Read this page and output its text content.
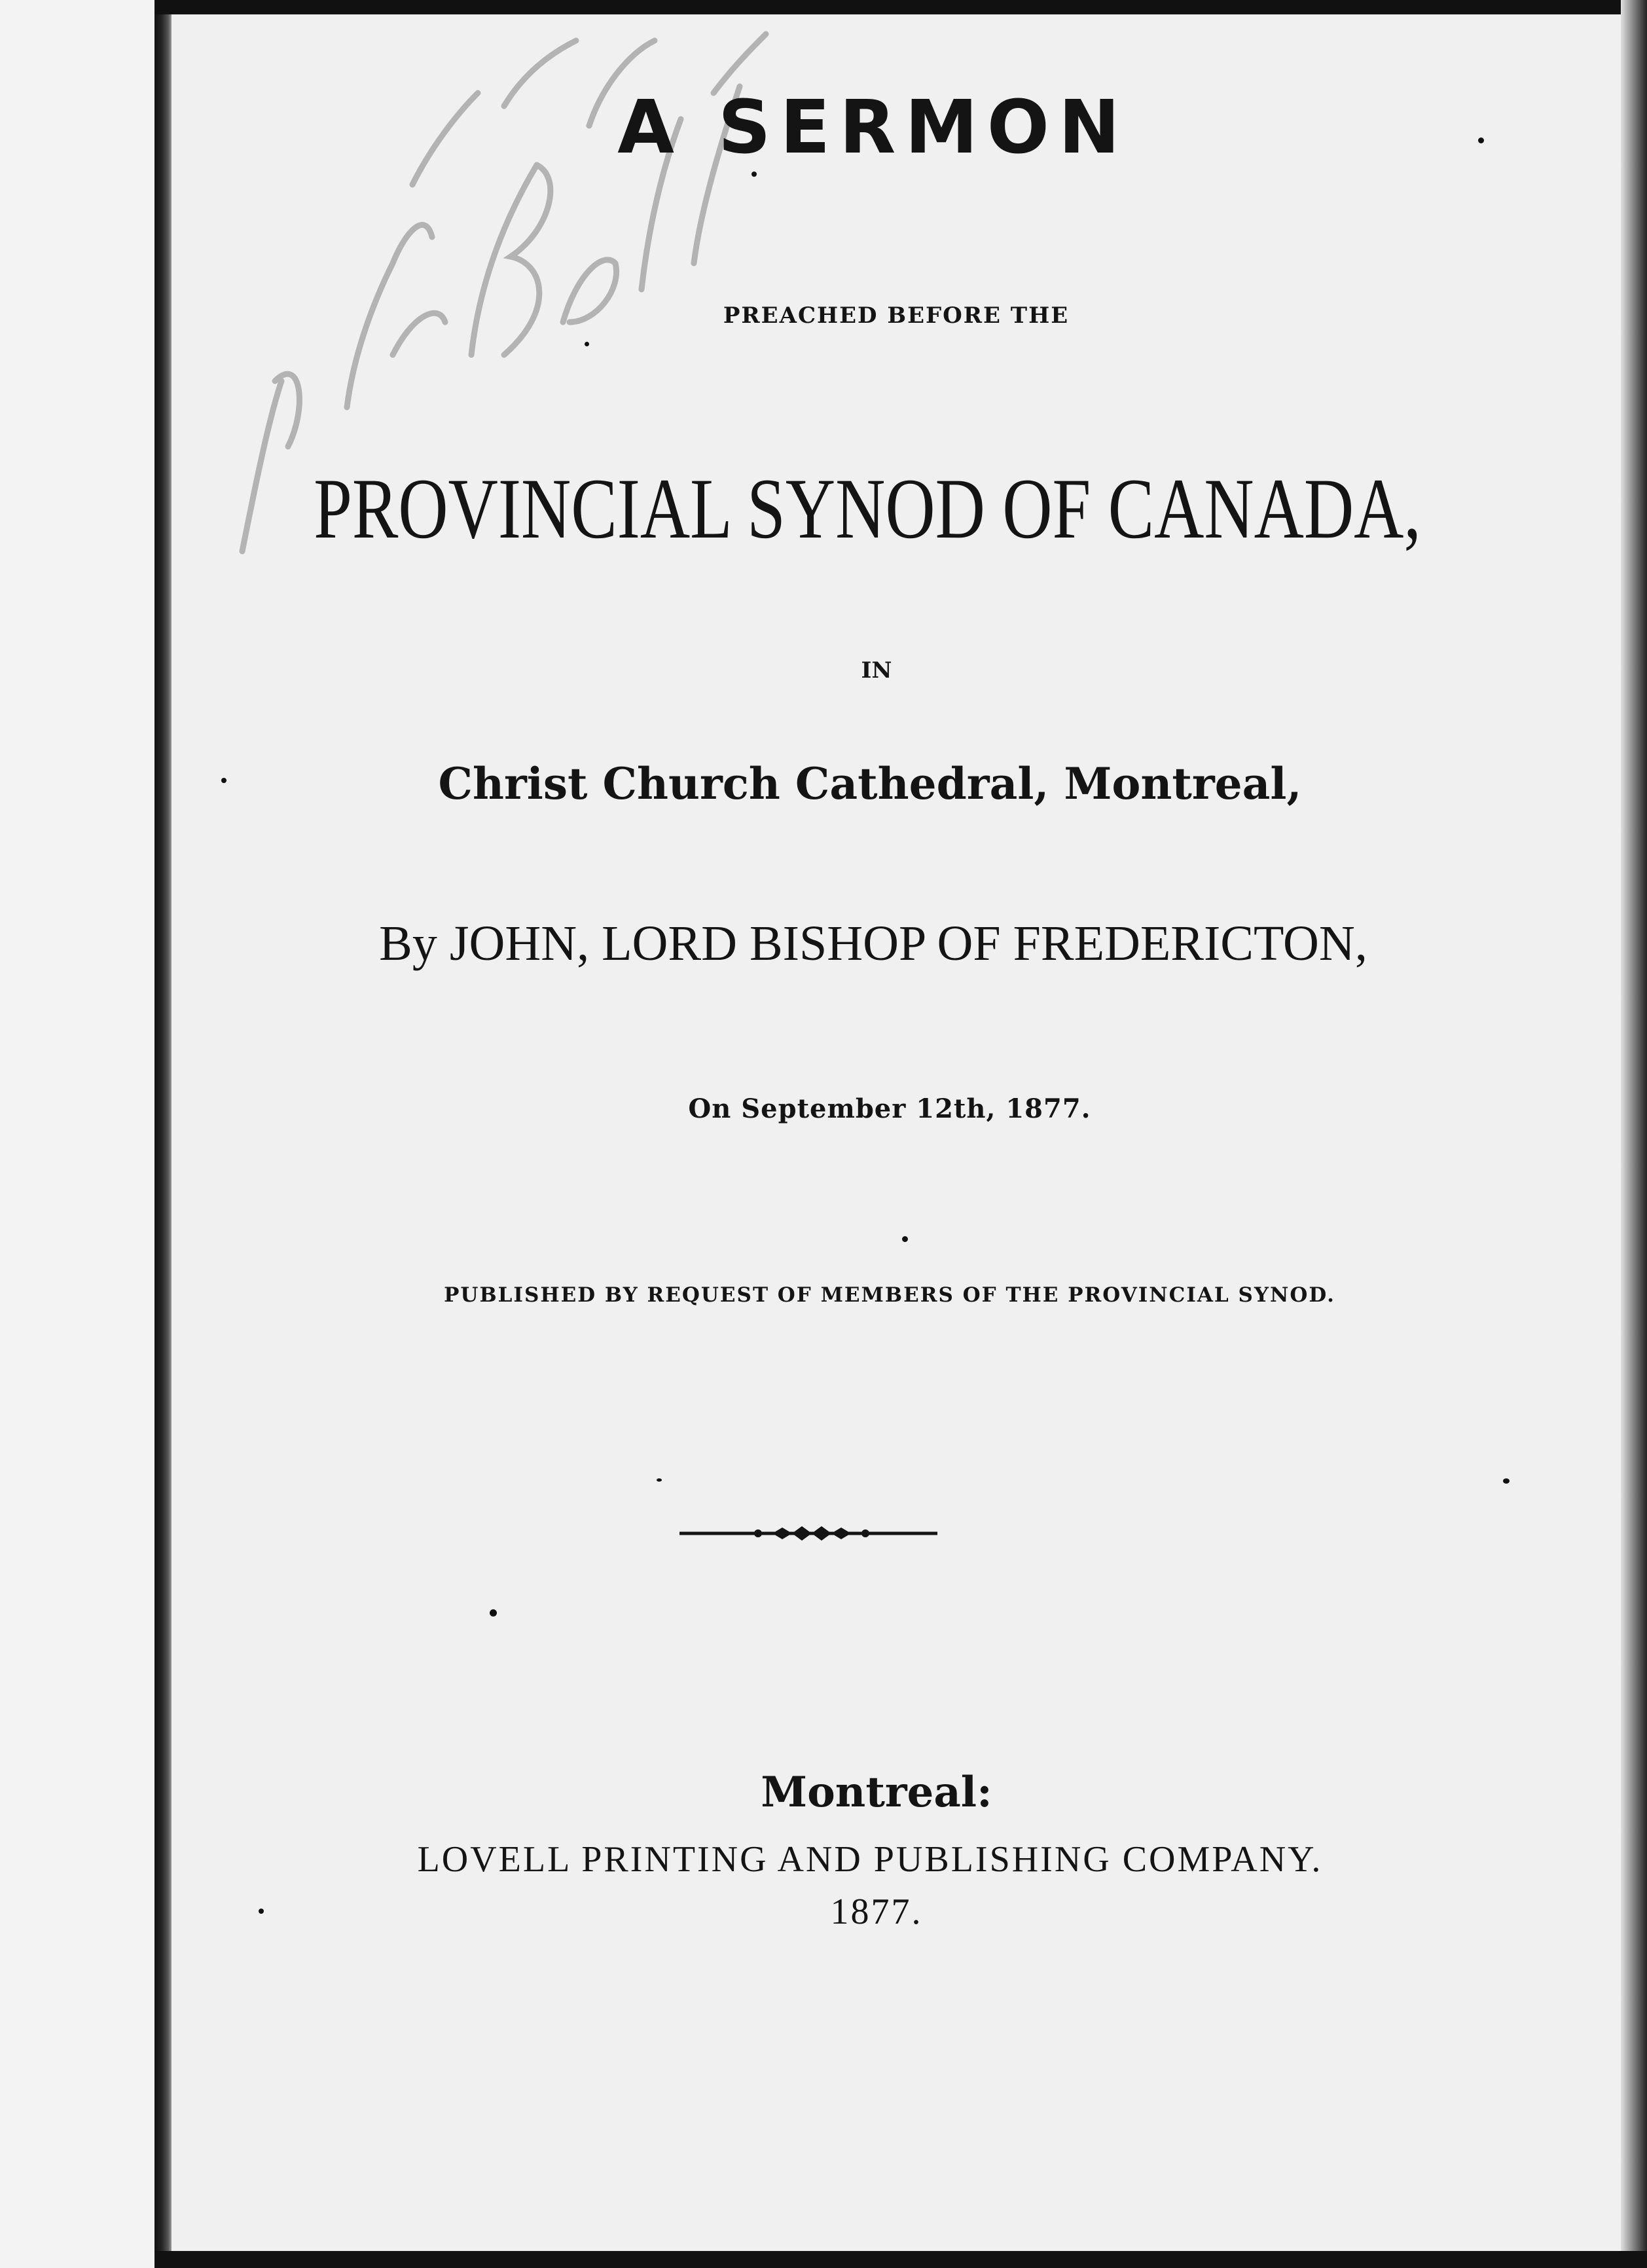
A SERMON

PREACHED BEFORE THE

PROVINCIAL SYNOD OF CANADA,

IN

Christ Church Cathedral, Montreal,

By JOHN, LORD BISHOP OF FREDERICTON,

On September 12th, 1877.

PUBLISHED BY REQUEST OF MEMBERS OF THE PROVINCIAL SYNOD.

Montreal:

LOVELL PRINTING AND PUBLISHING COMPANY.

1877.
